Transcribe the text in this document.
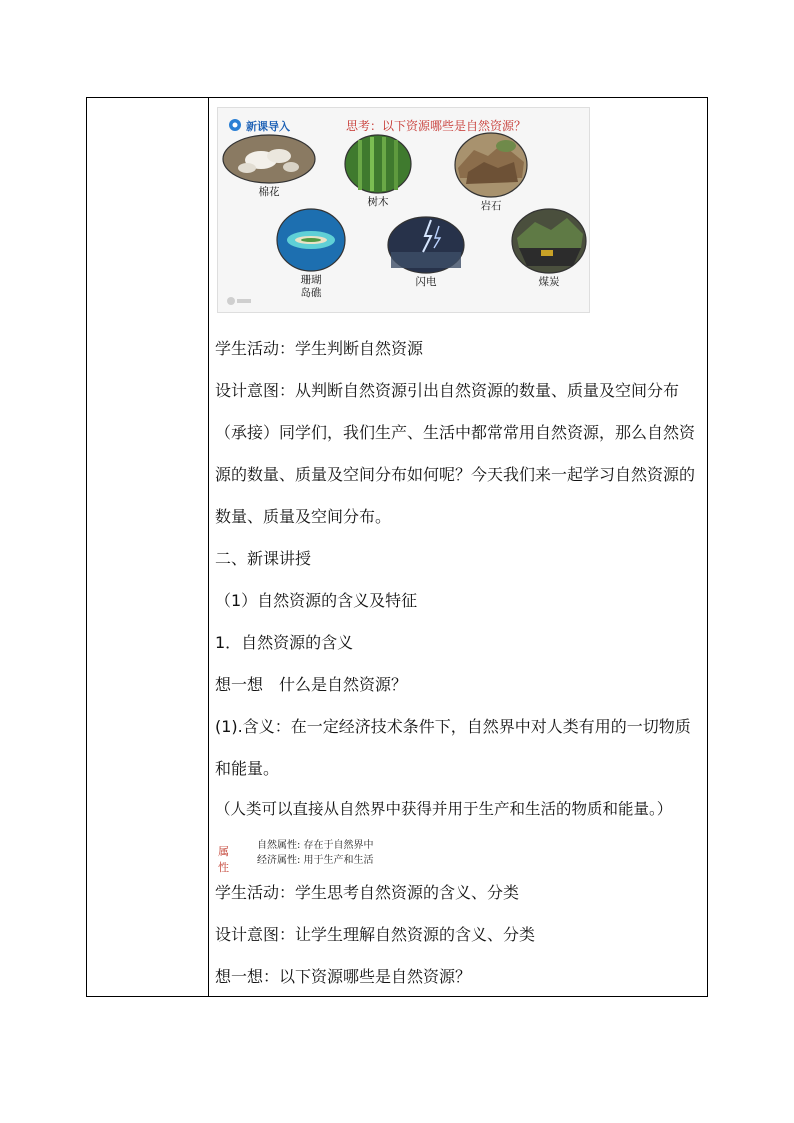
新课导入	思考：以下资源哪些是自然资源？
棉花
树木	岩石
珊瑚岛礁
闪电	煤炭
学生活动：学生判断自然资源
设计意图：从判断自然资源引出自然资源的数量、质量及空间分布
（承接）同学们，我们生产、生活中都常常用自然资源，那么自然资
源的数量、质量及空间分布如何呢？今天我们来一起学习自然资源的
数量、质量及空间分布。
二、新课讲授
（1）自然资源的含义及特征
1．自然资源的含义
想一想　什么是自然资源？
(1).含义：在一定经济技术条件下，自然界中对人类有用的一切物质
和能量。
（人类可以直接从自然界中获得并用于生产和生活的物质和能量。）
属性
自然属性: 存在于自然界中
经济属性: 用于生产和生活
学生活动：学生思考自然资源的含义、分类
设计意图：让学生理解自然资源的含义、分类
想一想：以下资源哪些是自然资源？
